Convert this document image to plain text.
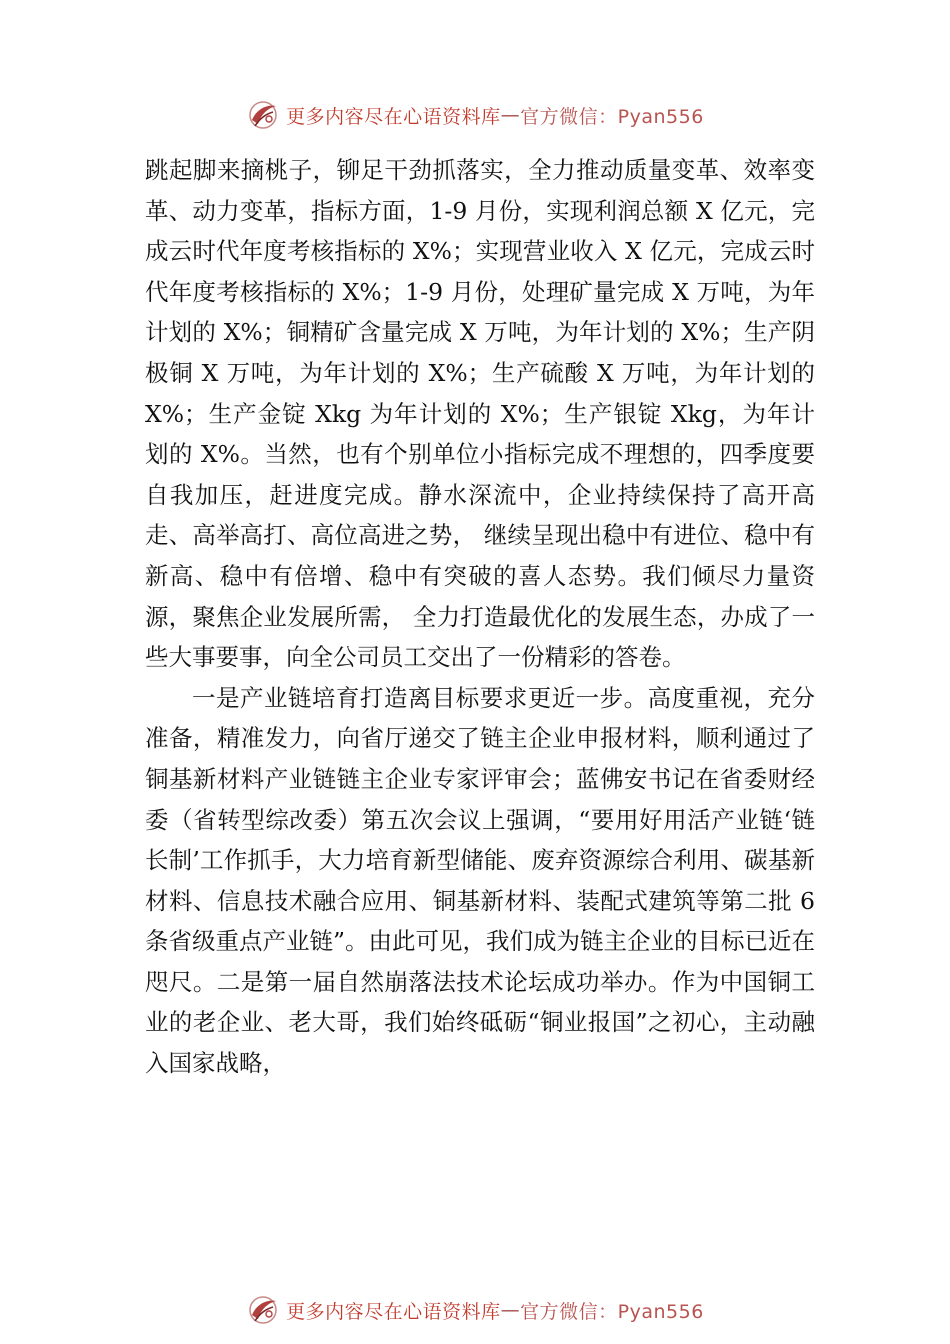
更多内容尽在心语资料库 — 官方微信：Pyan556

跳起脚来摘桃子，铆足干劲抓落实，全力推动质量变革、效率变革、动力变革，指标方面，1-9 月份，实现利润总额 X 亿元，完成云时代年度考核指标的 X%；实现营业收入 X 亿元，完成云时代年度考核指标的 X%；1-9 月份，处理矿量完成 X 万吨，为年计划的 X%；铜精矿含量完成 X 万吨，为年计划的 X%；生产阴极铜 X 万吨，为年计划的 X%；生产硫酸 X 万吨，为年计划的 X%；生产金锭 Xkg 为年计划的 X%；生产银锭 Xkg，为年计划的 X%。当然，也有个别单位小指标完成不理想的，四季度要自我加压，赶进度完成。静水深流中，企业持续保持了高开高走、高举高打、高位高进之势， 继续呈现出稳中有进位、稳中有新高、稳中有倍增、稳中有突破的喜人态势。我们倾尽力量资源，聚焦企业发展所需， 全力打造最优化的发展生态，办成了一些大事要事，向全公司员工交出了一份精彩的答卷。

一是产业链培育打造离目标要求更近一步。高度重视，充分准备，精准发力，向省厅递交了链主企业申报材料，顺利通过了铜基新材料产业链链主企业专家评审会；蓝佛安书记在省委财经委（省转型综改委）第五次会议上强调，“要用好用活产业链‘链长制’工作抓手，大力培育新型储能、废弃资源综合利用、碳基新材料、信息技术融合应用、铜基新材料、装配式建筑等第二批 6 条省级重点产业链”。由此可见，我们成为链主企业的目标已近在咫尺。二是第一届自然崩落法技术论坛成功举办。作为中国铜工业的老企业、老大哥，我们始终砥砺“铜业报国”之初心，主动融入国家战略，

更多内容尽在心语资料库 — 官方微信：Pyan556
